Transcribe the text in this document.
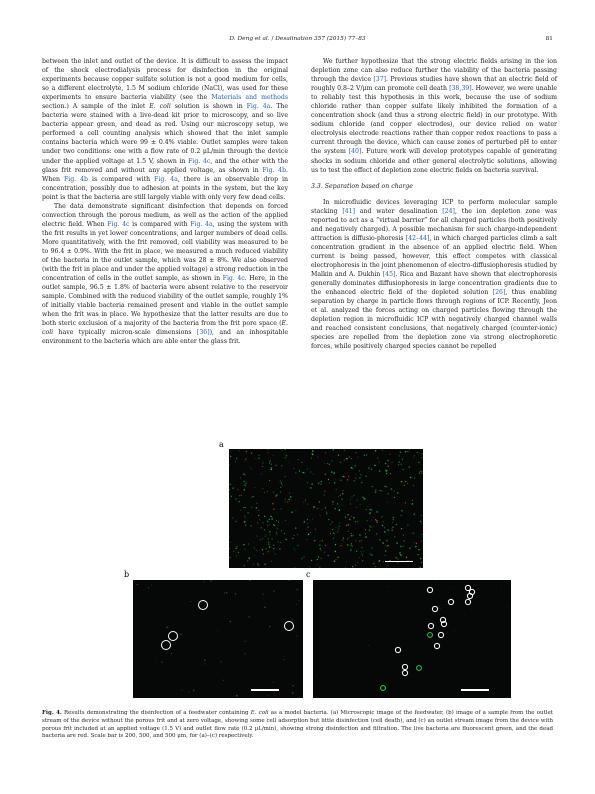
D. Deng et al. / Desalination 357 (2015) 77–83	81

between the inlet and outlet of the device. It is difficult to assess the impact of the shock electrodialysis process for disinfection in the original experiments because copper sulfate solution is not a good medium for cells, so a different electrolyte, 1.5 M sodium chloride (NaCl), was used for these experiments to ensure bacteria viability (see the Materials and methods section.) A sample of the inlet E. coli solution is shown in Fig. 4a. The bacteria were stained with a live-dead kit prior to microscopy, and so live bacteria appear green, and dead as red. Using our microscopy setup, we performed a cell counting analysis which showed that the inlet sample contains bacteria which were 99 ± 0.4% viable. Outlet samples were taken under two conditions: one with a flow rate of 0.2 μL/min through the device under the applied voltage at 1.5 V, shown in Fig. 4c, and the other with the glass frit removed and without any applied voltage, as shown in Fig. 4b. When Fig. 4b is compared with Fig. 4a, there is an observable drop in concentration, possibly due to adhesion at points in the system, but the key point is that the bacteria are still largely viable with only very few dead cells.

The data demonstrate significant disinfection that depends on forced convection through the porous medium, as well as the action of the applied electric field. When Fig. 4c is compared with Fig. 4a, using the system with the frit results in yet lower concentrations, and larger numbers of dead cells. More quantitatively, with the frit removed, cell viability was measured to be to 96.4 ± 0.9%. With the frit in place, we measured a much reduced viability of the bacteria in the outlet sample, which was 28 ± 8%. We also observed (with the frit in place and under the applied voltage) a strong reduction in the concentration of cells in the outlet sample, as shown in Fig. 4c. Here, in the outlet sample, 96.5 ± 1.8% of bacteria were absent relative to the reservoir sample. Combined with the reduced viability of the outlet sample, roughly 1% of initially viable bacteria remained present and viable in the outlet sample when the frit was in place. We hypothesize that the latter results are due to both steric exclusion of a majority of the bacteria from the frit pore space (E. coli have typically micron-scale dimensions [36]), and an inhospitable environment to the bacteria which are able enter the glass frit.

We further hypothesize that the strong electric fields arising in the ion depletion zone can also reduce further the viability of the bacteria passing through the device [37]. Previous studies have shown that an electric field of roughly 0.8–2 V/μm can promote cell death [38,39]. However, we were unable to reliably test this hypothesis in this work, because the use of sodium chloride rather than copper sulfate likely inhibited the formation of a concentration shock (and thus a strong electric field) in our prototype. With sodium chloride (and copper electrodes), our device relied on water electrolysis electrode reactions rather than copper redox reactions to pass a current through the device, which can cause zones of perturbed pH to enter the system [40]. Future work will develop prototypes capable of generating shocks in sodium chloride and other general electrolytic solutions, allowing us to test the effect of depletion zone electric fields on bacteria survival.

3.3. Separation based on charge

In microfluidic devices leveraging ICP to perform molecular sample stacking [41] and water desalination [24], the ion depletion zone was reported to act as a “virtual barrier” for all charged particles (both positively and negatively charged). A possible mechanism for such charge-independent attraction is diffusio-phoresis [42–44], in which charged particles climb a salt concentration gradient in the absence of an applied electric field. When current is being passed, however, this effect competes with classical electrophoresis in the joint phenomenon of electro-diffusiophoresis studied by Malkin and A. Dukhin [45]. Rica and Bazant have shown that electrophoresis generally dominates diffusiophoresis in large concentration gradients due to the enhanced electric field of the depleted solution [26], thus enabling separation by charge in particle flows through regions of ICP. Recently, Jeon et al. analyzed the forces acting on charged particles flowing through the depletion region in microfluidic ICP with negatively charged channel walls and reached consistent conclusions, that negatively charged (counter-ionic) species are repelled from the depletion zone via strong electrophoretic forces, while positively charged species cannot be repelled

a
b	c
Fig. 4. Results demonstrating the disinfection of a feedwater containing E. coli as a model bacteria. (a) Microscopic image of the feedwater, (b) image of a sample from the outlet stream of the device without the porous frit and at zero voltage, showing some cell adsorption but little disinfection (cell death), and (c) an outlet stream image from the device with porous frit included at an applied voltage (1.5 V) and outlet flow rate (0.2 μL/min), showing strong disinfection and filtration. The live bacteria are fluorescent green, and the dead bacteria are red. Scale bar is 200, 500, and 500 μm, for (a)–(c) respectively.
